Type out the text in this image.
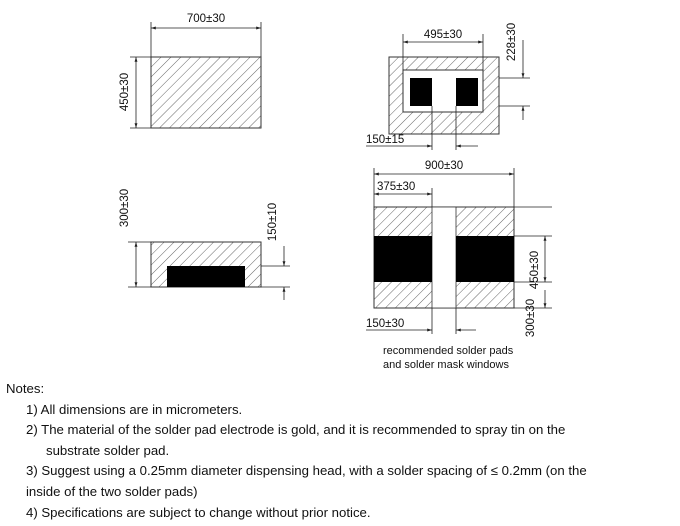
700±30
450±30
495±30	228±30
150±15
300±30	150±10
900±30
375±30
450±30
300±30
150±30
recommended solder pads
and solder mask windows
Notes:
1) All dimensions are in micrometers.
2) The material of the solder pad electrode is gold, and it is recommended to spray tin on the
substrate solder pad.
3) Suggest using a 0.25mm diameter dispensing head, with a solder spacing of ≤ 0.2mm (on the
inside of the two solder pads)
4) Specifications are subject to change without prior notice.
